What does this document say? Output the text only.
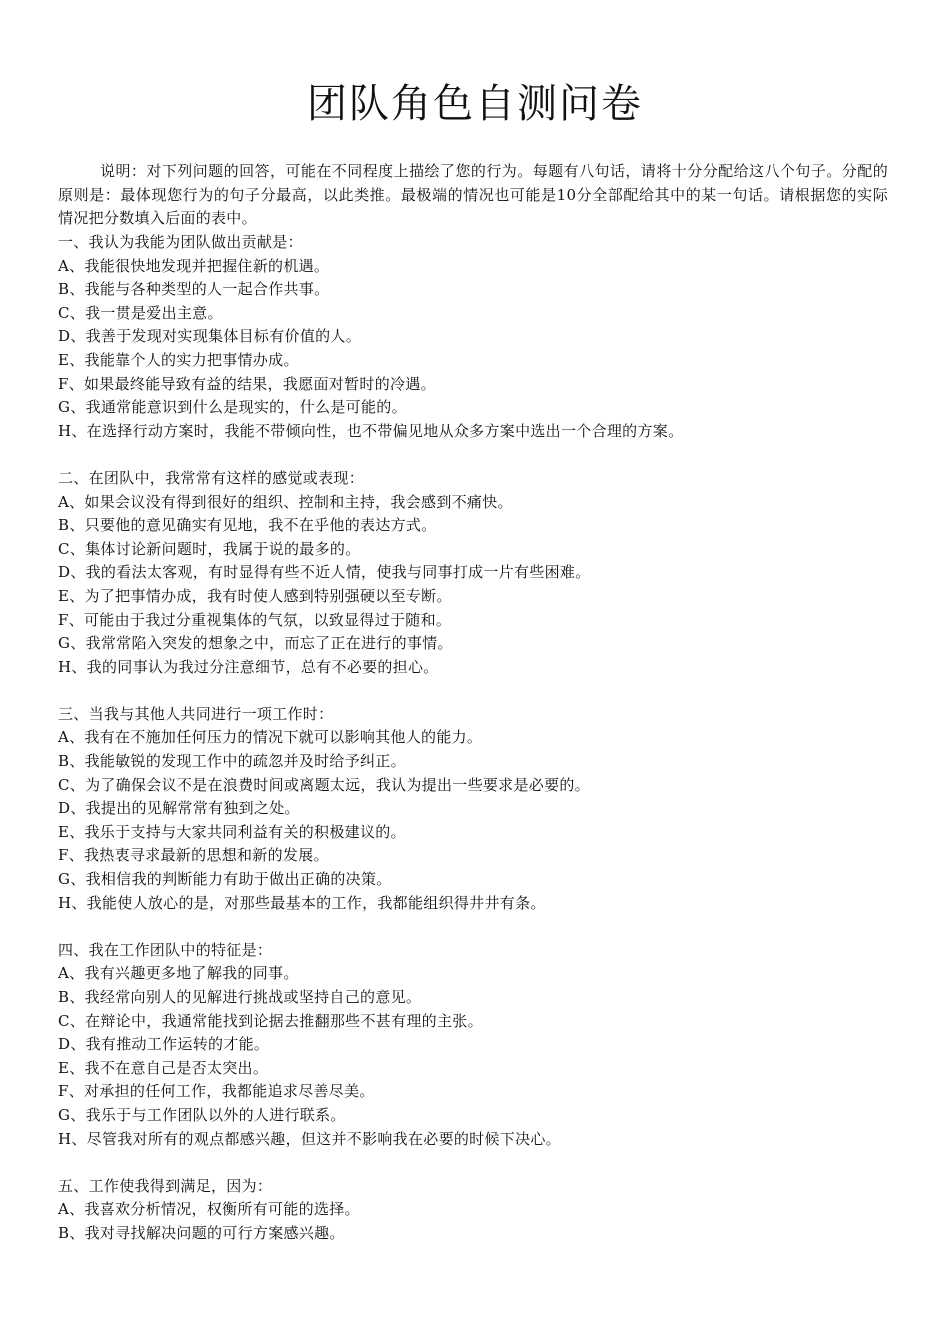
团队角色自测问卷
说明：对下列问题的回答，可能在不同程度上描绘了您的行为。每题有八句话，请将十分分配给这八个句子。分配的原则是：最体现您行为的句子分最高，以此类推。最极端的情况也可能是10分全部配给其中的某一句话。请根据您的实际情况把分数填入后面的表中。
一、我认为我能为团队做出贡献是：
A、我能很快地发现并把握住新的机遇。
B、我能与各种类型的人一起合作共事。
C、我一贯是爱出主意。
D、我善于发现对实现集体目标有价值的人。
E、我能靠个人的实力把事情办成。
F、如果最终能导致有益的结果，我愿面对暂时的冷遇。
G、我通常能意识到什么是现实的，什么是可能的。
H、在选择行动方案时，我能不带倾向性，也不带偏见地从众多方案中选出一个合理的方案。
二、在团队中，我常常有这样的感觉或表现：
A、如果会议没有得到很好的组织、控制和主持，我会感到不痛快。
B、只要他的意见确实有见地，我不在乎他的表达方式。
C、集体讨论新问题时，我属于说的最多的。
D、我的看法太客观，有时显得有些不近人情，使我与同事打成一片有些困难。
E、为了把事情办成，我有时使人感到特别强硬以至专断。
F、可能由于我过分重视集体的气氛，以致显得过于随和。
G、我常常陷入突发的想象之中，而忘了正在进行的事情。
H、我的同事认为我过分注意细节，总有不必要的担心。
三、当我与其他人共同进行一项工作时：
A、我有在不施加任何压力的情况下就可以影响其他人的能力。
B、我能敏锐的发现工作中的疏忽并及时给予纠正。
C、为了确保会议不是在浪费时间或离题太远，我认为提出一些要求是必要的。
D、我提出的见解常常有独到之处。
E、我乐于支持与大家共同利益有关的积极建议的。
F、我热衷寻求最新的思想和新的发展。
G、我相信我的判断能力有助于做出正确的决策。
H、我能使人放心的是，对那些最基本的工作，我都能组织得井井有条。
四、我在工作团队中的特征是：
A、我有兴趣更多地了解我的同事。
B、我经常向别人的见解进行挑战或坚持自己的意见。
C、在辩论中，我通常能找到论据去推翻那些不甚有理的主张。
D、我有推动工作运转的才能。
E、我不在意自己是否太突出。
F、对承担的任何工作，我都能追求尽善尽美。
G、我乐于与工作团队以外的人进行联系。
H、尽管我对所有的观点都感兴趣，但这并不影响我在必要的时候下决心。
五、工作使我得到满足，因为：
A、我喜欢分析情况，权衡所有可能的选择。
B、我对寻找解决问题的可行方案感兴趣。
